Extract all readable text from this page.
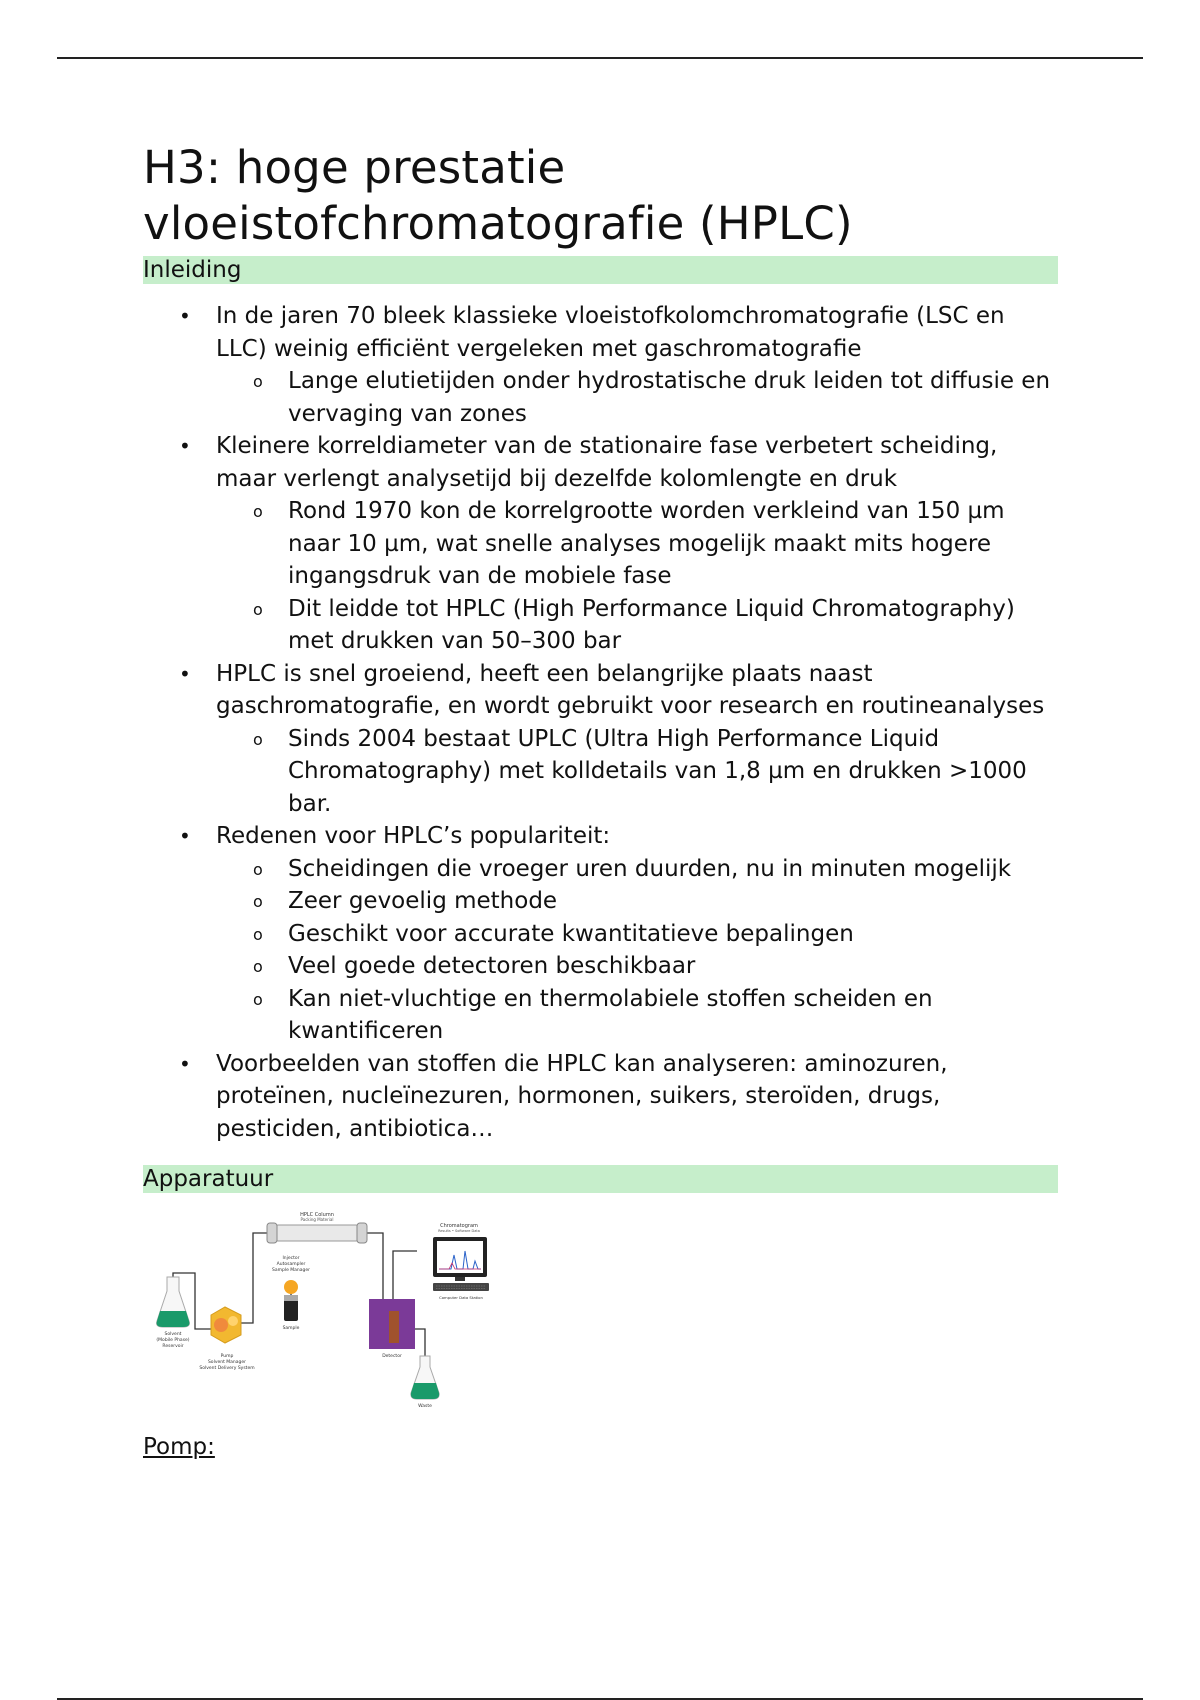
H3: hoge prestatie vloeistofchromatografie (HPLC)
Inleiding
• In de jaren 70 bleek klassieke vloeistofkolomchromatografie (LSC en LLC) weinig efficiënt vergeleken met gaschromatografie
o Lange elutietijden onder hydrostatische druk leiden tot diffusie en vervaging van zones
• Kleinere korreldiameter van de stationaire fase verbetert scheiding, maar verlengt analysetijd bij dezelfde kolomlengte en druk
o Rond 1970 kon de korrelgrootte worden verkleind van 150 µm naar 10 µm, wat snelle analyses mogelijk maakt mits hogere ingangsdruk van de mobiele fase
o Dit leidde tot HPLC (High Performance Liquid Chromatography) met drukken van 50–300 bar
• HPLC is snel groeiend, heeft een belangrijke plaats naast gaschromatografie, en wordt gebruikt voor research en routineanalyses
o Sinds 2004 bestaat UPLC (Ultra High Performance Liquid Chromatography) met kolldetails van 1,8 µm en drukken >1000 bar.
• Redenen voor HPLC’s populariteit:
o Scheidingen die vroeger uren duurden, nu in minuten mogelijk
o Zeer gevoelig methode
o Geschikt voor accurate kwantitatieve bepalingen
o Veel goede detectoren beschikbaar
o Kan niet-vluchtige en thermolabiele stoffen scheiden en kwantificeren
• Voorbeelden van stoffen die HPLC kan analyseren: aminozuren, proteïnen, nucleïnezuren, hormonen, suikers, steroïden, drugs, pesticiden, antibiotica…
Apparatuur
HPLC Column
Packing Material
Injector
Autosampler
Sample Manager
Sample
Solvent
(Mobile Phase)
Reservoir
Pump
Solvent Manager
Solvent Delivery System
Detector
Chromatogram
Results • Software Data
Computer Data Station
Waste
Pomp:
